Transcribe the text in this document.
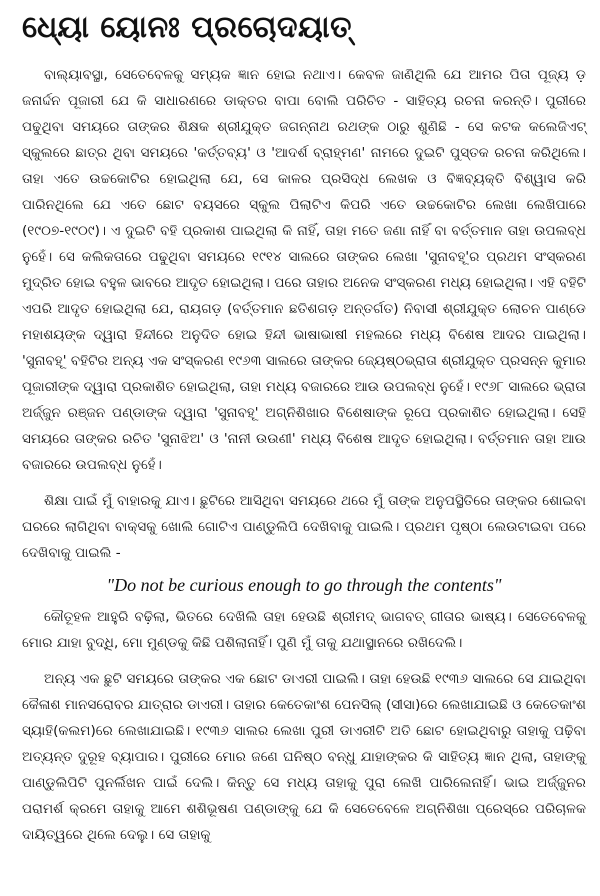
ଧ୍ୟୋ ୟୋନଃ ପ୍ରଚୋଦୟାତ୍

ବାଲ୍ୟାବସ୍ଥା, ସେତେବେଳକୁ ସମ୍ୟକ ଜ୍ଞାନ ହୋଇ ନଥାଏ। କେବଳ ଜାଣିଥିଲି ଯେ ଆମର ପିତା ପୂଜ୍ୟ ଡ଼ ଜନାର୍ଦ୍ଦନ ପୂଜାରୀ ଯେ କି ସାଧାରଣରେ ଡାକ୍ତର ବାପା ବୋଲି ପରିଚିତ - ସାହିତ୍ୟ ରଚନା କରନ୍ତି। ପୁରୀରେ ପଢୁଥିବା ସମୟରେ ତାଙ୍କର ଶିକ୍ଷକ ଶ୍ରୀଯୁକ୍ତ ଜଗନ୍ନାଥ ରଥଙ୍କ ଠାରୁ ଶୁଣିଛି - ସେ କଟକ କଲେଜିଏଟ୍ ସ୍କୁଲରେ ଛାତ୍ର ଥିବା ସମୟରେ 'କର୍ତ୍ତବ୍ୟ' ଓ 'ଆଦର୍ଶ ବ୍ରାହ୍ମଣ' ନାମରେ ଦୁଇଟି ପୁସ୍ତକ ରଚନା କରିଥିଲେ। ତାହା ଏତେ ଉଚ୍ଚକୋଟିର ହୋଇଥିଲା ଯେ, ସେ କାଳର ପ୍ରସିଦ୍ଧ ଲେଖକ ଓ ବିଜ୍ଞବ୍ୟକ୍ତି ବିଶ୍ୱାସ କରି ପାରିନଥିଲେ ଯେ ଏତେ ଛୋଟ ବୟସରେ ସ୍କୁଲ ପିଲାଟିଏ କିପରି ଏତେ ଉଚ୍ଚକୋଟିର ଲେଖା ଲେଖିପାରେ (୧୯୦୭-୧୯୦୯)। ଏ ଦୁଇଟି ବହି ପ୍ରକାଶ ପାଇଥିଲା କି ନାହିଁ, ତାହା ମତେ ଜଣା ନାହିଁ ବା ବର୍ତ୍ତମାନ ତାହା ଉପଲବ୍ଧ ନୁହେଁ। ସେ କଲିକତାରେ ପଢୁଥିବା ସମୟରେ ୧୯୧୪ ସାଲରେ ତାଙ୍କର ଲେଖା 'ସୁନାବହୂ'ର ପ୍ରଥମ ସଂସ୍କରଣ ମୁଦ୍ରିତ ହୋଇ ବହୁଳ ଭାବରେ ଆଦୃତ ହୋଇଥିଲା। ପରେ ତାହାର ଅନେକ ସଂସ୍କରଣ ମଧ୍ୟ ହୋଇଥିଲା। ଏହି ବହିଟି ଏପରି ଆଦୃତ ହୋଇଥିଲା ଯେ, ରାୟଗଡ଼ (ବର୍ତ୍ତମାନ ଛତିଶଗଡ଼ ଅନ୍ତର୍ଗତ) ନିବାସୀ ଶ୍ରୀଯୁକ୍ତ ଲୋଚନ ପାଣ୍ଡେ ମହାଶୟଙ୍କ ଦ୍ୱାରା ହିନ୍ଦୀରେ ଅନୁଦିତ ହୋଇ ହିନ୍ଦୀ ଭାଷାଭାଷୀ ମହଲରେ ମଧ୍ୟ ବିଶେଷ ଆଦର ପାଇଥିଲା। 'ସୁନାବହୂ' ବହିଟିର ଅନ୍ୟ ଏକ ସଂସ୍କରଣ ୧୯୬୩ ସାଲରେ ତାଙ୍କର ଜ୍ୟେଷ୍ଠଭ୍ରାତା ଶ୍ରୀଯୁକ୍ତ ପ୍ରସନ୍ନ କୁମାର ପୂଜାରୀଙ୍କ ଦ୍ୱାରା ପ୍ରକାଶିତ ହୋଇଥିଲା, ତାହା ମଧ୍ୟ ବଜାରରେ ଆଉ ଉପଲବ୍ଧ ନୁହେଁ। ୧୯୬୮ ସାଲରେ ଭ୍ରାତା ଅର୍ଜ୍ଜୁନ ରଞ୍ଜନ ପଣ୍ଡାଙ୍କ ଦ୍ୱାରା 'ସୁନାବହୂ' ଅଗ୍ନିଶିଖାର ବିଶେଷାଙ୍କ ରୂପେ ପ୍ରକାଶିତ ହୋଇଥିଲା। ସେହି ସମୟରେ ତାଙ୍କର ରଚିତ 'ସୁନାଝିଅ' ଓ 'ନାନୀ ଉଉଣୀ' ମଧ୍ୟ ବିଶେଷ ଆଦୃତ ହୋଇଥିଲା। ବର୍ତ୍ତମାନ ତାହା ଆଉ ବଜାରରେ ଉପଲବ୍ଧ ନୁହେଁ।

ଶିକ୍ଷା ପାଇଁ ମୁଁ ବାହାରକୁ ଯାଏ। ଛୁଟିରେ ଆସିଥିବା ସମୟରେ ଥରେ ମୁଁ ତାଙ୍କ ଅନୁପସ୍ଥିତିରେ ତାଙ୍କର ଶୋଇବା ଘରରେ ଲାଗିଥିବା ବାକ୍ସକୁ ଖୋଲି ଗୋଟିଏ ପାଣ୍ଡୁଲିପି ଦେଖିବାକୁ ପାଇଲି। ପ୍ରଥମ ପୃଷ୍ଠା ଲେଉଟାଇବା ପରେ ଦେଖିବାକୁ ପାଇଲି -

"Do not be curious enough to go through the contents"

କୌତୂହଳ ଆହୁରି ବଢ଼ିଲା, ଭିତରେ ଦେଖିଲି ତାହା ହେଉଛି ଶ୍ରୀମଦ୍ ଭାଗବତ୍ ଗୀତାର ଭାଷ୍ୟ। ସେତେବେଳକୁ ମୋର ଯାହା ବୁଦ୍ଧି, ମୋ ମୁଣ୍ଡକୁ କିଛି ପଶିଲାନାହିଁ। ପୁଣି ମୁଁ ତାକୁ ଯଥାସ୍ଥାନରେ ରଖିଦେଲି।

ଅନ୍ୟ ଏକ ଛୁଟି ସମୟରେ ତାଙ୍କର ଏକ ଛୋଟ ଡାଏରୀ ପାଇଲି। ତାହା ହେଉଛି ୧୯୩୬ ସାଲରେ ସେ ଯାଇଥିବା କୈଳାଶ ମାନସରୋବର ଯାତ୍ରାର ଡାଏରୀ। ତାହାର କେତେକାଂଶ ପେନସିଲ୍ (ସୀସା)ରେ ଲେଖାଯାଇଛି ଓ କେତେକାଂଶ ସ୍ୟାହି(କଲମ)ରେ ଲେଖାଯାଇଛି। ୧୯୩୬ ସାଲର ଲେଖା ପୁରୀ ଡାଏରୀଟି ଅତି ଛୋଟ ହୋଇଥିବାରୁ ତାହାକୁ ପଢ଼ିବା ଅତ୍ୟନ୍ତ ଦୁରୂହ ବ୍ୟାପାର। ପୁରୀରେ ମୋର ଜଣେ ଘନିଷ୍ଠ ବନ୍ଧୁ ଯାହାଙ୍କର କି ସାହିତ୍ୟ ଜ୍ଞାନ ଥିଲା, ତାହାଙ୍କୁ ପାଣ୍ଡୁଲିପିଟି ପୁନର୍ଲିଖନ ପାଇଁ ଦେଲି। କିନ୍ତୁ ସେ ମଧ୍ୟ ତାହାକୁ ପୁରା ଲେଖି ପାରିଲେନାହିଁ। ଭାଇ ଅର୍ଜ୍ଜୁନର ପରାମର୍ଶ କ୍ରମେ ତାହାକୁ ଆମେ ଶଶିଭୂଷଣ ପଣ୍ଡାଙ୍କୁ ଯେ କି ସେତେବେଳେ ଅଗ୍ନିଶିଖା ପ୍ରେସ୍‌ରେ ପରିଚାଳକ ଦାୟିତ୍ୱରେ ଥିଲେ ଦେଲୁ। ସେ ତାହାକୁ
